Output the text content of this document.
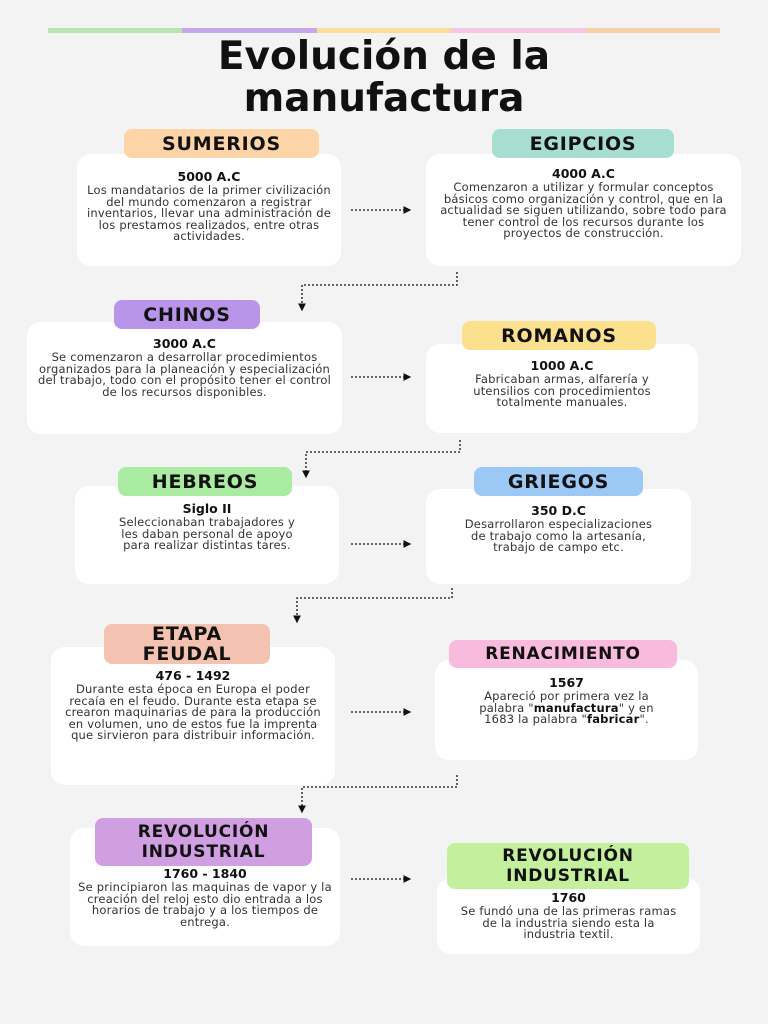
Evolución de la
manufactura
5000 A.C
Los mandatarios de la primer civilización del mundo comenzaron a registrar inventarios, llevar una administración de los prestamos realizados, entre otras actividades.
SUMERIOS
4000 A.C
Comenzaron a utilizar y formular conceptos básicos como organización y control, que en la actualidad se siguen utilizando, sobre todo para tener control de los recursos durante los proyectos de construcción.
EGIPCIOS
3000 A.C
Se comenzaron a desarrollar procedimientos organizados para la planeación y especialización del trabajo, todo con el propósito tener el control de los recursos disponibles.
CHINOS
1000 A.C
Fabricaban armas, alfarería y utensilios con procedimientos totalmente manuales.
ROMANOS
Siglo II
Seleccionaban trabajadores y les daban personal de apoyo para realizar distintas tares.
HEBREOS
350 D.C
Desarrollaron especializaciones de trabajo como la artesanía, trabajo de campo etc.
GRIEGOS
476 - 1492
Durante esta época en Europa el poder recaía en el feudo. Durante esta etapa se crearon maquinarias de para la producción en volumen, uno de estos fue la imprenta que sirvieron para distribuir información.
ETAPA
FEUDAL
1567
Apareció por primera vez la palabra "manufactura" y en 1683 la palabra "fabricar".
RENACIMIENTO
1760 - 1840
Se principiaron las maquinas de vapor y la creación del reloj esto dio entrada a los horarios de trabajo y a los tiempos de entrega.
REVOLUCIÓN
INDUSTRIAL
1760
Se fundó una de las primeras ramas de la industria siendo esta la industria textil.
REVOLUCIÓN
INDUSTRIAL
